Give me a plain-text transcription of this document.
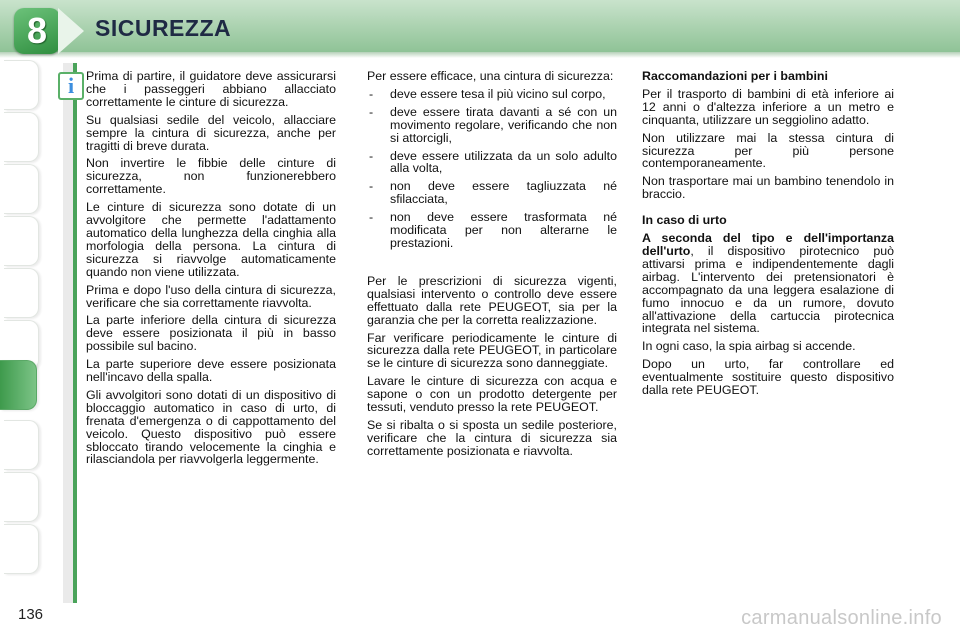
8	SICUREZZA
i Prima di partire, il guidatore deve assicurarsi che i passeggeri abbiano allacciato correttamente le cinture di sicurezza.

Su qualsiasi sedile del veicolo, allacciare sempre la cintura di sicurezza, anche per tragitti di breve durata.

Non invertire le fibbie delle cinture di sicurezza, non funzionerebbero correttamente.

Le cinture di sicurezza sono dotate di un avvolgitore che permette l'adattamento automatico della lunghezza della cinghia alla morfologia della persona. La cintura di sicurezza si riavvolge automaticamente quando non viene utilizzata.

Prima e dopo l'uso della cintura di sicurezza, verificare che sia correttamente riavvolta.

La parte inferiore della cintura di sicurezza deve essere posizionata il più in basso possibile sul bacino.

La parte superiore deve essere posizionata nell'incavo della spalla.

Gli avvolgitori sono dotati di un dispositivo di bloccaggio automatico in caso di urto, di frenata d'emergenza o di cappottamento del veicolo. Questo dispositivo può essere sbloccato tirando velocemente la cinghia e rilasciandola per riavvolgerla leggermente.

Per essere efficace, una cintura di sicurezza:

- deve essere tesa il più vicino sul corpo,
- deve essere tirata davanti a sé con un movimento regolare, verificando che non si attorcigli,
- deve essere utilizzata da un solo adulto alla volta,
- non deve essere tagliuzzata né sfilacciata,
- non deve essere trasformata né modificata per non alterarne le prestazioni.

Per le prescrizioni di sicurezza vigenti, qualsiasi intervento o controllo deve essere effettuato dalla rete PEUGEOT, sia per la garanzia che per la corretta realizzazione.

Far verificare periodicamente le cinture di sicurezza dalla rete PEUGEOT, in particolare se le cinture di sicurezza sono danneggiate.

Lavare le cinture di sicurezza con acqua e sapone o con un prodotto detergente per tessuti, venduto presso la rete PEUGEOT.

Se si ribalta o si sposta un sedile posteriore, verificare che la cintura di sicurezza sia correttamente posizionata e riavvolta.

Raccomandazioni per i bambini

Per il trasporto di bambini di età inferiore ai 12 anni o d'altezza inferiore a un metro e cinquanta, utilizzare un seggiolino adatto.

Non utilizzare mai la stessa cintura di sicurezza per più persone contemporaneamente.

Non trasportare mai un bambino tenendolo in braccio.

In caso di urto

A seconda del tipo e dell'importanza dell'urto, il dispositivo pirotecnico può attivarsi prima e indipendentemente dagli airbag. L'intervento dei pretensionatori è accompagnato da una leggera esalazione di fumo innocuo e da un rumore, dovuto all'attivazione della cartuccia pirotecnica integrata nel sistema.

In ogni caso, la spia airbag si accende.

Dopo un urto, far controllare ed eventualmente sostituire questo dispositivo dalla rete PEUGEOT.

136	carmanualsonline.info
